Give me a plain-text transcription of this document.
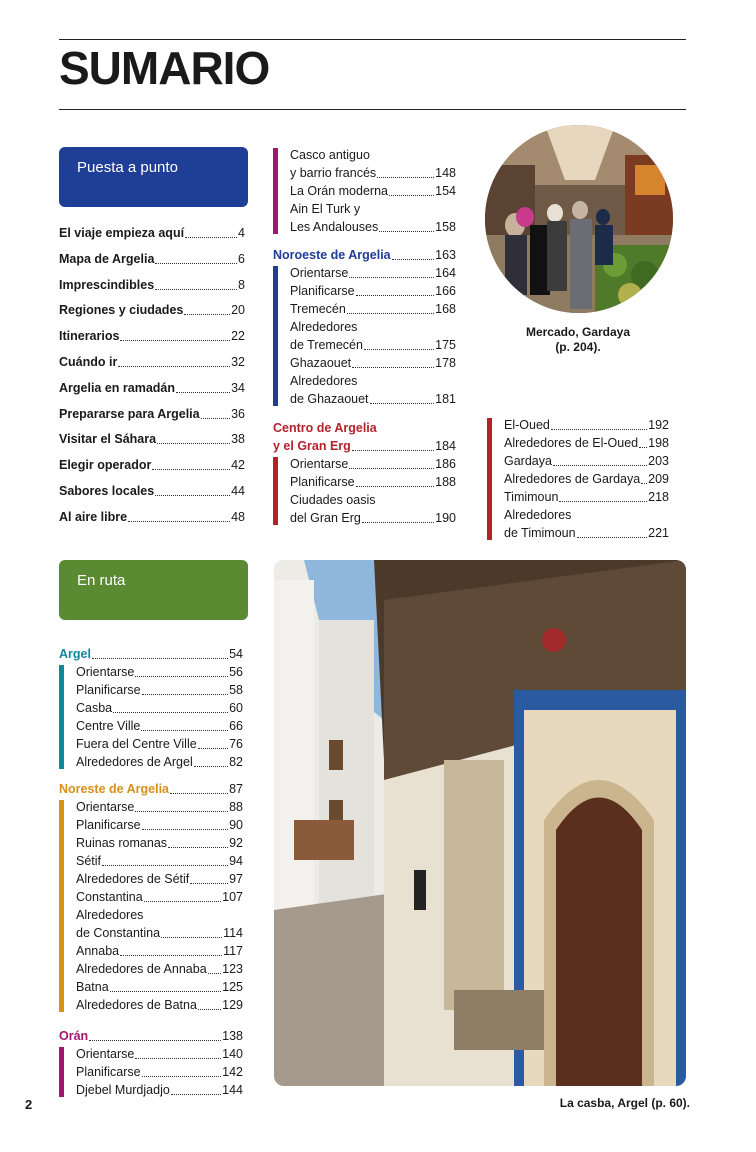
SUMARIO
Puesta a punto
El viaje empieza aquí	4
Mapa de Argelia	6
Imprescindibles	8
Regiones y ciudades	20
Itinerarios	22
Cuándo ir	32
Argelia en ramadán	34
Prepararse para Argelia	36
Visitar el Sáhara	38
Elegir operador	42
Sabores locales	44
Al aire libre	48
En ruta
Argel	54
Orientarse	56
Planificarse	58
Casba	60
Centre Ville	66
Fuera del Centre Ville	76
Alrededores de Argel	82
Noreste de Argelia	87
Orientarse	88
Planificarse	90
Ruinas romanas	92
Sétif	94
Alrededores de Sétif	97
Constantina	107
Alrededores
de Constantina	114
Annaba	117
Alrededores de Annaba 123
Batna	125
Alrededores de Batna 129
Orán	138
Orientarse	140
Planificarse	142
Djebel Murdjadjo	144
Casco antiguo
y barrio francés	148
La Orán moderna	154
Ain El Turk y
Les Andalouses	158
Noroeste de Argelia	163
Orientarse	164
Planificarse	166
Tremecén	168
Alrededores
de Tremecén	175
Ghazaouet	178
Alrededores
de Ghazaouet	181
Centro de Argelia
y el Gran Erg	184
Orientarse	186
Planificarse	188
Ciudades oasis
del Gran Erg	190
El-Oued	192
Alrededores de El-Oued 198
Gardaya	203
Alrededores de Gardaya 209
Timimoun	218
Alrededores
de Timimoun	221
Mercado, Gardaya
(p. 204).
La casba, Argel (p. 60).
2
